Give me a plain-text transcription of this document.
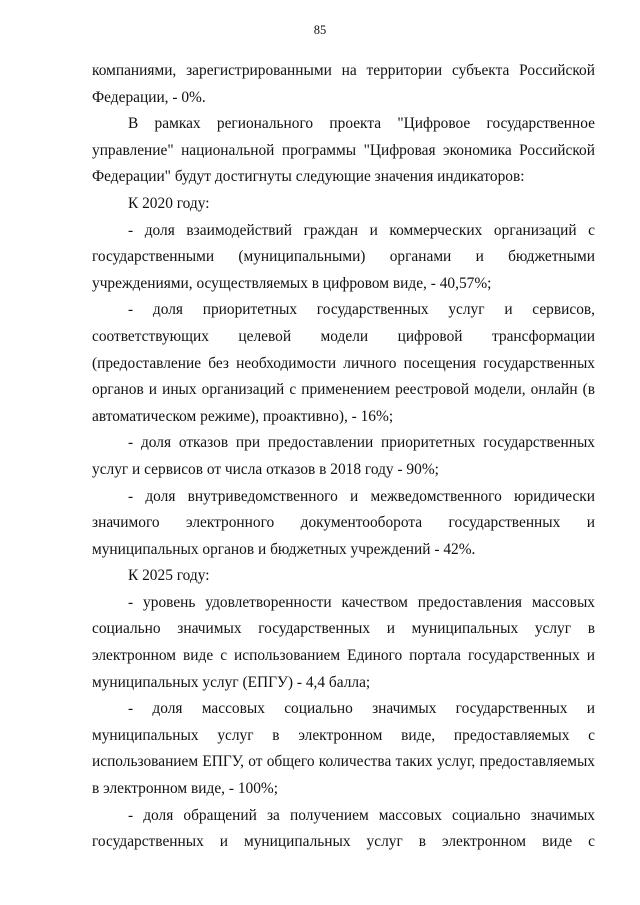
85

компаниями, зарегистрированными на территории субъекта Российской Федерации, - 0%.

В рамках регионального проекта "Цифровое государственное управление" национальной программы "Цифровая экономика Российской Федерации" будут достигнуты следующие значения индикаторов:

К 2020 году:

- доля взаимодействий граждан и коммерческих организаций с государственными (муниципальными) органами и бюджетными учреждениями, осуществляемых в цифровом виде, - 40,57%;

- доля приоритетных государственных услуг и сервисов, соответствующих целевой модели цифровой трансформации (предоставление без необходимости личного посещения государственных органов и иных организаций с применением реестровой модели, онлайн (в автоматическом режиме), проактивно), - 16%;

- доля отказов при предоставлении приоритетных государственных услуг и сервисов от числа отказов в 2018 году - 90%;

- доля внутриведомственного и межведомственного юридически значимого электронного документооборота государственных и муниципальных органов и бюджетных учреждений - 42%.

К 2025 году:

- уровень удовлетворенности качеством предоставления массовых социально значимых государственных и муниципальных услуг в электронном виде с использованием Единого портала государственных и муниципальных услуг (ЕПГУ) - 4,4 балла;

- доля массовых социально значимых государственных и муниципальных услуг в электронном виде, предоставляемых с использованием ЕПГУ, от общего количества таких услуг, предоставляемых в электронном виде, - 100%;

- доля обращений за получением массовых социально значимых государственных и муниципальных услуг в электронном виде с
